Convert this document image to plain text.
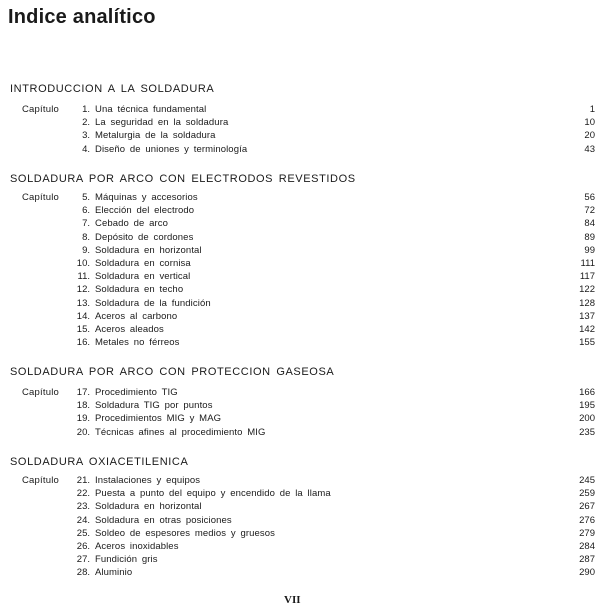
Indice analítico
INTRODUCCION A LA SOLDADURA
Capítulo 1. Una técnica fundamental	1
2. La seguridad en la soldadura	10
3. Metalurgia de la soldadura	20
4. Diseño de uniones y terminología	43
SOLDADURA POR ARCO CON ELECTRODOS REVESTIDOS
Capítulo 5. Máquinas y accesorios	56
6. Elección del electrodo	72
7. Cebado de arco	84
8. Depósito de cordones	89
9. Soldadura en horizontal	99
10. Soldadura en cornisa	111
11. Soldadura en vertical	117
12. Soldadura en techo	122
13. Soldadura de la fundición	128
14. Aceros al carbono	137
15. Aceros aleados	142
16. Metales no férreos	155
SOLDADURA POR ARCO CON PROTECCION GASEOSA
Capítulo 17. Procedimiento TIG	166
18. Soldadura TIG por puntos	195
19. Procedimientos MIG y MAG	200
20. Técnicas afines al procedimiento MIG	235
SOLDADURA OXIACETILENICA
Capítulo 21. Instalaciones y equipos	245
22. Puesta a punto del equipo y encendido de la llama	259
23. Soldadura en horizontal	267
24. Soldadura en otras posiciones	276
25. Soldeo de espesores medios y gruesos	279
26. Aceros inoxidables	284
27. Fundición gris	287
28. Aluminio	290
VII
